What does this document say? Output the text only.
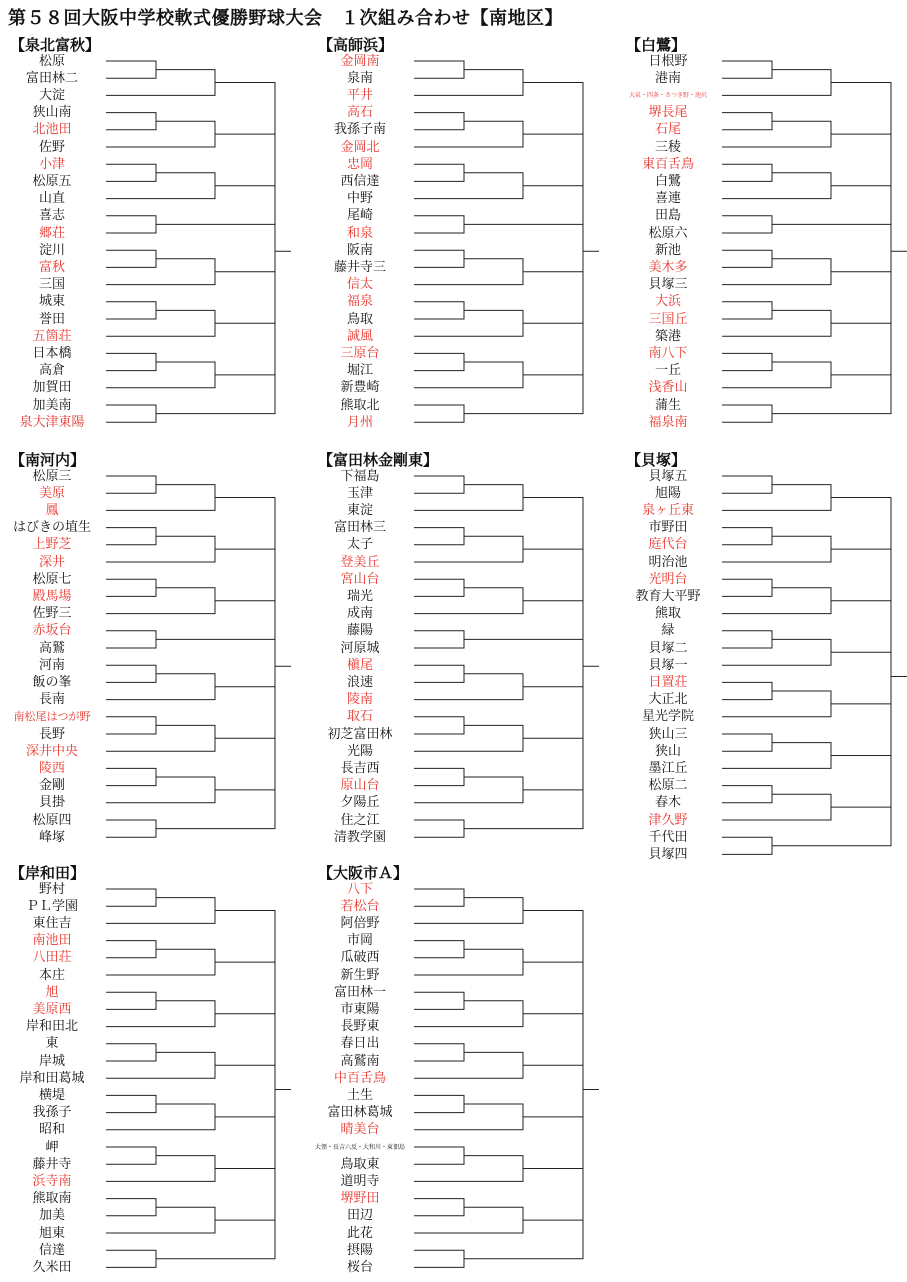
第５８回大阪中学校軟式優勝野球大会　１次組み合わせ【南地区】
【泉北富秋】
松原
富田林二
大淀
狭山南
北池田
佐野
小津
松原五
山直
喜志
郷荘
淀川
富秋
三国
城東
誉田
五箇荘
日本橋
高倉
加賀田
加美南
泉大津東陽
【高師浜】
金岡南
泉南
平井
高石
我孫子南
金岡北
忠岡
西信達
中野
尾崎
和泉
阪南
藤井寺三
信太
福泉
鳥取
誠風
三原台
堀江
新豊崎
熊取北
月州
【白鷺】
日根野
港南
大泉・四条・さつき野・池尻
堺長尾
石尾
三稜
東百舌鳥
白鷺
喜連
田島
松原六
新池
美木多
貝塚三
大浜
三国丘
築港
南八下
一丘
浅香山
蒲生
福泉南
【南河内】
松原三
美原
鳳
はびきの埴生
上野芝
深井
松原七
殿馬場
佐野三
赤坂台
高鷲
河南
飯の峯
長南
南松尾はつが野
長野
深井中央
陵西
金剛
貝掛
松原四
峰塚
【富田林金剛東】
下福島
玉津
東淀
富田林三
太子
登美丘
宮山台
瑞光
成南
藤陽
河原城
槇尾
浪速
陵南
取石
初芝富田林
光陽
長吉西
原山台
夕陽丘
住之江
清教学園
【貝塚】
貝塚五
旭陽
泉ヶ丘東
市野田
庭代台
明治池
光明台
教育大平野
熊取
緑
貝塚二
貝塚一
日置荘
大正北
星光学院
狭山三
狭山
墨江丘
松原二
春木
津久野
千代田
貝塚四
【岸和田】
野村
ＰＬ学園
東住吉
南池田
八田荘
本庄
旭
美原西
岸和田北
東
岸城
岸和田葛城
横堤
我孫子
昭和
岬
藤井寺
浜寺南
熊取南
加美
旭東
信達
久米田
【大阪市Ａ】
八下
若松台
阿倍野
市岡
瓜破西
新生野
富田林一
市東陽
長野東
春日出
高鷲南
中百舌鳥
土生
富田林葛城
晴美台
大領・長吉六反・大和川・東佃島
鳥取東
道明寺
堺野田
田辺
此花
摂陽
桜台
